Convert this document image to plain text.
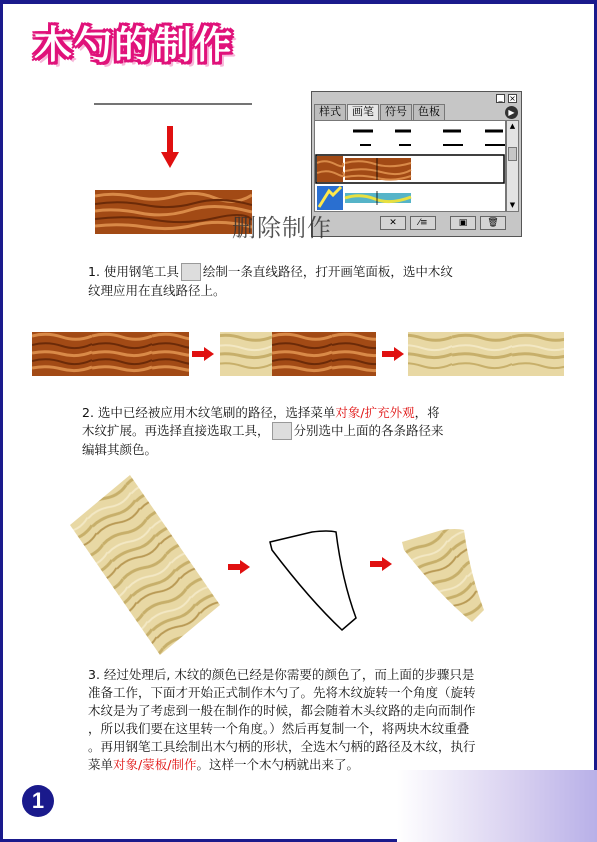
木勺的制作
_ ×
样式	画笔	符号	色板	▶
▲
▼
✕	⁄≡	▣	🗑
删除制作
1. 使用钢笔工具 绘制一条直线路径，打开画笔面板，选中木纹
纹理应用在直线路径上。
2. 选中已经被应用木纹笔刷的路径，选择菜单对象/扩充外观，将
木纹扩展。再选择直接选取工具， 分别选中上面的各条路径来
编辑其颜色。
3. 经过处理后, 木纹的颜色已经是你需要的颜色了，而上面的步骤只是
准备工作，下面才开始正式制作木勺了。先将木纹旋转一个角度（旋转
木纹是为了考虑到一般在制作的时候，都会随着木头纹路的走向而制作
，所以我们要在这里转一个角度。）然后再复制一个，将两块木纹重叠
。再用钢笔工具绘制出木勺柄的形状，全选木勺柄的路径及木纹，执行
菜单对象/蒙板/制作。这样一个木勺柄就出来了。
1
